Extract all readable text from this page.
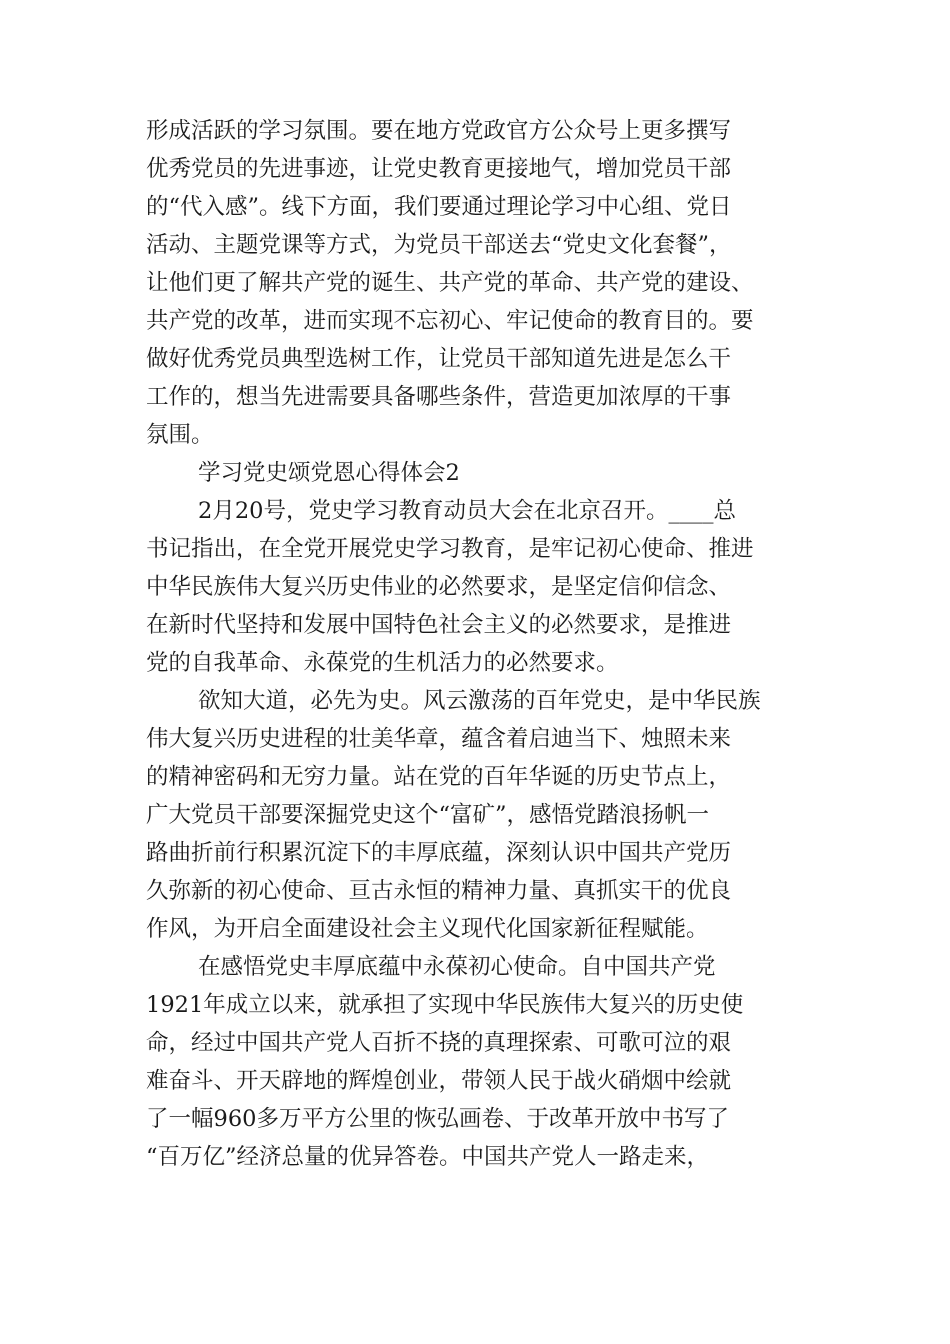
形成活跃的学习氛围。要在地方党政官方公众号上更多撰写
优秀党员的先进事迹，让党史教育更接地气，增加党员干部
的“代入感”。线下方面，我们要通过理论学习中心组、党日
活动、主题党课等方式，为党员干部送去“党史文化套餐”，
让他们更了解共产党的诞生、共产党的革命、共产党的建设、
共产党的改革，进而实现不忘初心、牢记使命的教育目的。要
做好优秀党员典型选树工作，让党员干部知道先进是怎么干
工作的，想当先进需要具备哪些条件，营造更加浓厚的干事
氛围。
学习党史颂党恩心得体会2
2月20号，党史学习教育动员大会在北京召开。____总
书记指出，在全党开展党史学习教育，是牢记初心使命、推进
中华民族伟大复兴历史伟业的必然要求，是坚定信仰信念、
在新时代坚持和发展中国特色社会主义的必然要求，是推进
党的自我革命、永葆党的生机活力的必然要求。
欲知大道，必先为史。风云激荡的百年党史，是中华民族
伟大复兴历史进程的壮美华章，蕴含着启迪当下、烛照未来
的精神密码和无穷力量。站在党的百年华诞的历史节点上，
广大党员干部要深掘党史这个“富矿”，感悟党踏浪扬帆一
路曲折前行积累沉淀下的丰厚底蕴，深刻认识中国共产党历
久弥新的初心使命、亘古永恒的精神力量、真抓实干的优良
作风，为开启全面建设社会主义现代化国家新征程赋能。
在感悟党史丰厚底蕴中永葆初心使命。自中国共产党
1921年成立以来，就承担了实现中华民族伟大复兴的历史使
命，经过中国共产党人百折不挠的真理探索、可歌可泣的艰
难奋斗、开天辟地的辉煌创业，带领人民于战火硝烟中绘就
了一幅960多万平方公里的恢弘画卷、于改革开放中书写了
“百万亿”经济总量的优异答卷。中国共产党人一路走来，
